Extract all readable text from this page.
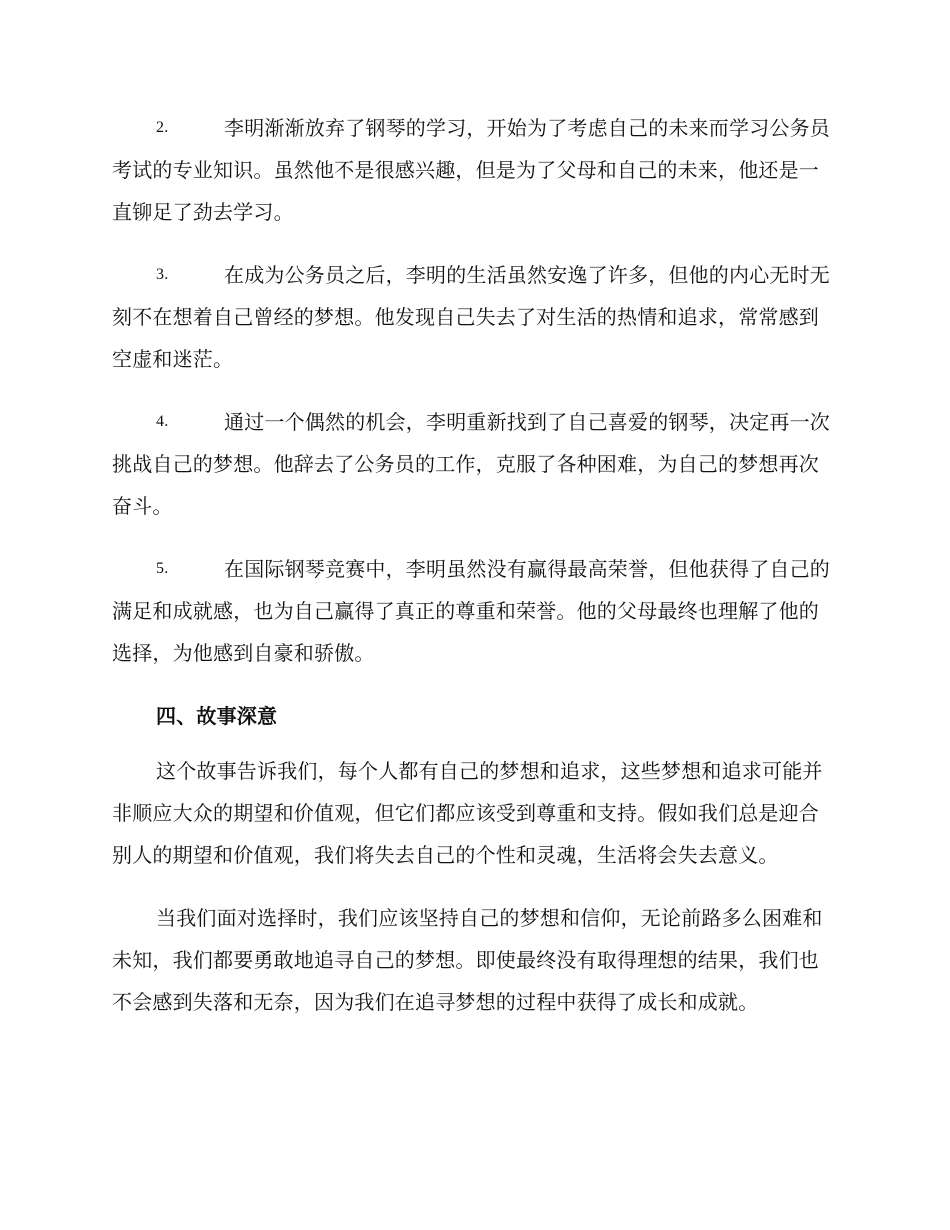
2.	李明渐渐放弃了钢琴的学习，开始为了考虑自己的未来而学习公务员考试的专业知识。虽然他不是很感兴趣，但是为了父母和自己的未来，他还是一直铆足了劲去学习。
3.	在成为公务员之后，李明的生活虽然安逸了许多，但他的内心无时无刻不在想着自己曾经的梦想。他发现自己失去了对生活的热情和追求，常常感到空虚和迷茫。
4.	通过一个偶然的机会，李明重新找到了自己喜爱的钢琴，决定再一次挑战自己的梦想。他辞去了公务员的工作，克服了各种困难，为自己的梦想再次奋斗。
5.	在国际钢琴竞赛中，李明虽然没有赢得最高荣誉，但他获得了自己的满足和成就感，也为自己赢得了真正的尊重和荣誉。他的父母最终也理解了他的选择，为他感到自豪和骄傲。
四、故事深意

这个故事告诉我们，每个人都有自己的梦想和追求，这些梦想和追求可能并非顺应大众的期望和价值观，但它们都应该受到尊重和支持。假如我们总是迎合别人的期望和价值观，我们将失去自己的个性和灵魂，生活将会失去意义。

当我们面对选择时，我们应该坚持自己的梦想和信仰，无论前路多么困难和未知，我们都要勇敢地追寻自己的梦想。即使最终没有取得理想的结果，我们也不会感到失落和无奈，因为我们在追寻梦想的过程中获得了成长和成就。
